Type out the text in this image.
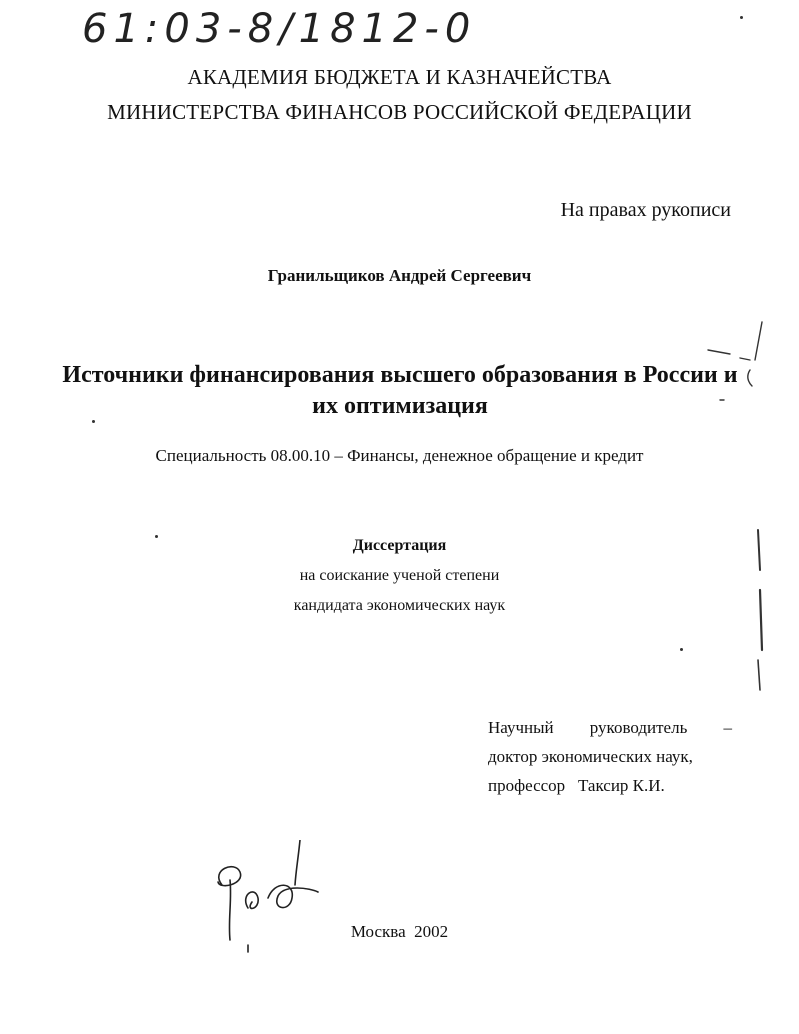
61:03-8/1812-0
АКАДЕМИЯ БЮДЖЕТА И КАЗНАЧЕЙСТВА
МИНИСТЕРСТВА ФИНАНСОВ РОССИЙСКОЙ ФЕДЕРАЦИИ
На правах рукописи
Гранильщиков Андрей Сергеевич
Источники финансирования высшего образования в России и их оптимизация
Специальность 08.00.10 – Финансы, денежное обращение и кредит
Диссертация
на соискание ученой степени
кандидата экономических наук
Научный руководитель –
доктор экономических наук,
профессор Таксир К.И.
Москва 2002
